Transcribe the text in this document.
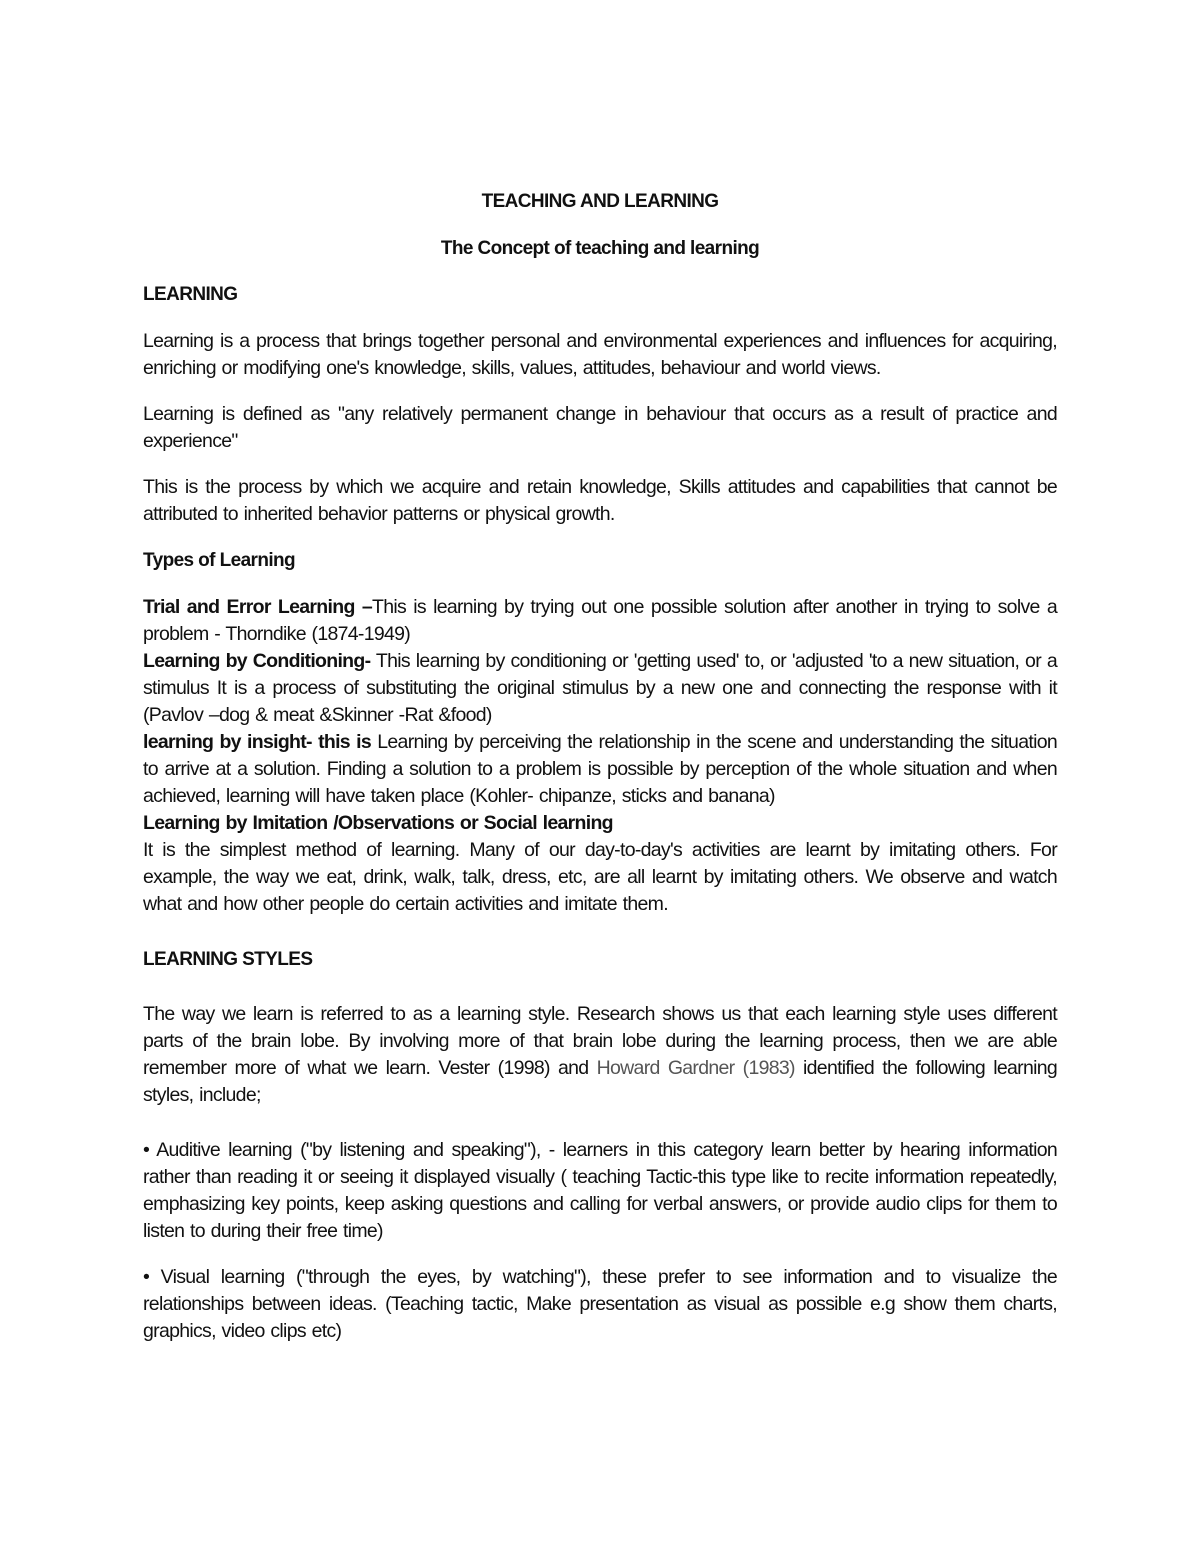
TEACHING AND LEARNING
The Concept of teaching and learning
LEARNING

Learning is a process that brings together personal and environmental experiences and influences for acquiring, enriching or modifying one's knowledge, skills, values, attitudes, behaviour and world views.

Learning is defined as "any relatively permanent change in behaviour that occurs as a result of practice and experience"

This is the process by which we acquire and retain knowledge, Skills attitudes and capabilities that cannot be attributed to inherited behavior patterns or physical growth.

Types of Learning

Trial and Error Learning –This is learning by trying out one possible solution after another in trying to solve a problem - Thorndike (1874-1949)

Learning by Conditioning- This learning by conditioning or 'getting used' to, or 'adjusted 'to a new situation, or a stimulus It is a process of substituting the original stimulus by a new one and connecting the response with it (Pavlov –dog & meat &Skinner -Rat &food)

learning by insight- this is Learning by perceiving the relationship in the scene and understanding the situation to arrive at a solution. Finding a solution to a problem is possible by perception of the whole situation and when achieved, learning will have taken place (Kohler- chipanze, sticks and banana)

Learning by Imitation /Observations or Social learning

It is the simplest method of learning. Many of our day-to-day's activities are learnt by imitating others. For example, the way we eat, drink, walk, talk, dress, etc, are all learnt by imitating others. We observe and watch what and how other people do certain activities and imitate them.

LEARNING STYLES

The way we learn is referred to as a learning style. Research shows us that each learning style uses different parts of the brain lobe. By involving more of that brain lobe during the learning process, then we are able remember more of what we learn. Vester (1998) and Howard Gardner (1983) identified the following learning styles, include;

• Auditive learning ("by listening and speaking"), - learners in this category learn better by hearing information rather than reading it or seeing it displayed visually ( teaching Tactic-this type like to recite information repeatedly, emphasizing key points, keep asking questions and calling for verbal answers, or provide audio clips for them to listen to during their free time)

• Visual learning ("through the eyes, by watching"), these prefer to see information and to visualize the relationships between ideas. (Teaching tactic, Make presentation as visual as possible e.g show them charts, graphics, video clips etc)
